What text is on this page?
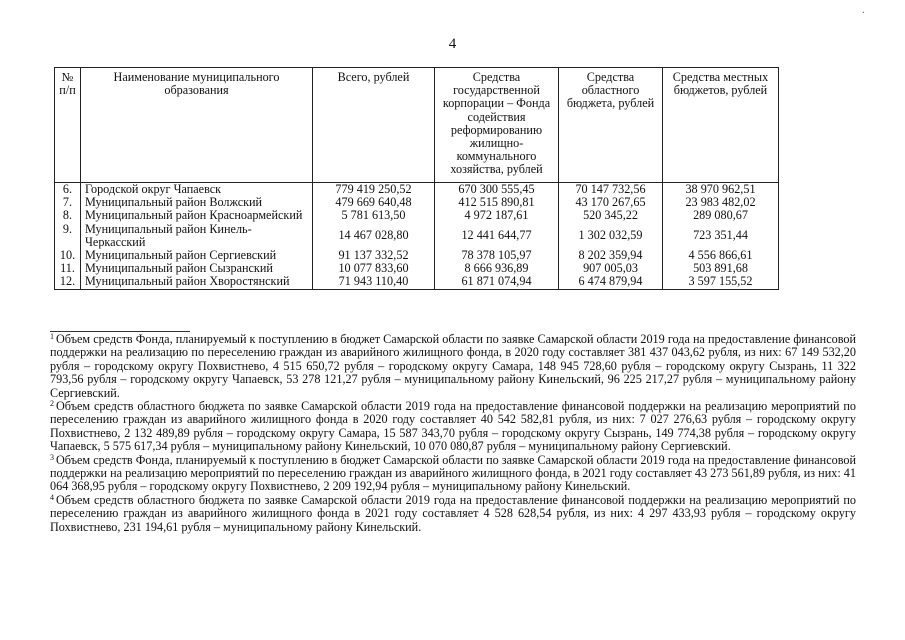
4
·
№ п/п	Наименование муниципального образования	Всего, рублей	Средства государственной корпорации – Фонда содействия реформированию жилищно-коммунального хозяйства, рублей	Средства областного бюджета, рублей	Средства местных бюджетов, рублей
6.	Городской округ Чапаевск	779 419 250,52	670 300 555,45	70 147 732,56	38 970 962,51
7.	Муниципальный район Волжский	479 669 640,48	412 515 890,81	43 170 267,65	23 983 482,02
8.	Муниципальный район Красноармейский	5 781 613,50	4 972 187,61	520 345,22	289 080,67
9.	Муниципальный район Кинель-Черкасский	14 467 028,80	12 441 644,77	1 302 032,59	723 351,44
10.	Муниципальный район Сергиевский	91 137 332,52	78 378 105,97	8 202 359,94	4 556 866,61
11.	Муниципальный район Сызранский	10 077 833,60	8 666 936,89	907 005,03	503 891,68
12.	Муниципальный район Хворостянский	71 943 110,40	61 871 074,94	6 474 879,94	3 597 155,52

$^1$ Объем средств Фонда, планируемый к поступлению в бюджет Самарской области по заявке Самарской области 2019 года на предоставление финансовой поддержки на реализацию по переселению граждан из аварийного жилищного фонда, в 2020 году составляет 381 437 043,62 рубля, из них: 67 149 532,20 рубля – городскому округу Похвистнево, 4 515 650,72 рубля – городскому округу Самара, 148 945 728,60 рубля – городскому округу Сызрань, 11 322 793,56 рубля – городскому округу Чапаевск, 53 278 121,27 рубля – муниципальному району Кинельский, 96 225 217,27 рубля – муниципальному району Сергиевский.

$^2$ Объем средств областного бюджета по заявке Самарской области 2019 года на предоставление финансовой поддержки на реализацию мероприятий по переселению граждан из аварийного жилищного фонда в 2020 году составляет 40 542 582,81 рубля, из них: 7 027 276,63 рубля – городскому округу Похвистнево, 2 132 489,89 рубля – городскому округу Самара, 15 587 343,70 рубля – городскому округу Сызрань, 149 774,38 рубля – городскому округу Чапаевск, 5 575 617,34 рубля – муниципальному району Кинельский, 10 070 080,87 рубля – муниципальному району Сергиевский.

$^3$ Объем средств Фонда, планируемый к поступлению в бюджет Самарской области по заявке Самарской области 2019 года на предоставление финансовой поддержки на реализацию мероприятий по переселению граждан из аварийного жилищного фонда, в 2021 году составляет 43 273 561,89 рубля, из них: 41 064 368,95 рубля – городскому округу Похвистнево, 2 209 192,94 рубля – муниципальному району Кинельский.

$^4$ Объем средств областного бюджета по заявке Самарской области 2019 года на предоставление финансовой поддержки на реализацию мероприятий по переселению граждан из аварийного жилищного фонда в 2021 году составляет 4 528 628,54 рубля, из них: 4 297 433,93 рубля – городскому округу Похвистнево, 231 194,61 рубля – муниципальному району Кинельский.
